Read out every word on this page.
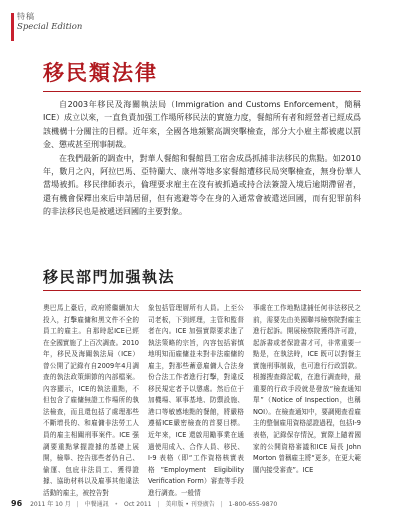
特稿
Special Edition
移民類法律

自2003年移民及海關執法局（Immigration and Customs Enforcement，簡稱ICE）成立以來，一直負責加强工作場所移民法的實施力度，餐館所有者和經營者已經成爲該機構十分關注的目標。近年來，全國各地頻繁高調突擊檢查，部分大小雇主都被處以罰金、懲戒甚至刑事制裁。

在我們最新的調查中，對華人餐館和餐館員工宿舍成爲抓捕非法移民的焦點。如2010年，數月之內，阿拉巴馬、亞特蘭大、康州等地多家餐館遭移民局突擊檢查，無身份華人當場被抓。移民律師表示，倫理要求雇主在沒有被抓過或持合法簽證入境后逾期滯留者，還有機會保釋出來后申請居留，但有逃避等令在身的入通常會被遣送回國，而有犯罪前科的非法移民也是被遞送回國的主要對象。

移民部門加强執法
奧巴馬上臺后，政府將繼續加大投入，打擊雇傭和黑文件不全的員工的雇主。自那時起ICE已經在全國實施了上百次調查。2010年，移民及海關執法局（ICE）曾公開了記錄有自2009年4月調查的執法政策細節的內部檔案。內容顯示，ICE的執法重點，不但包含了雇傭無證工作場所的執法檢查，而且還包括了處理那些不斷增長的、和雇傭非法勞工人員的雇主相關刑事案件。ICE 强調要重點掌握證據的基礎上展開，檢舉、控告那些者仍自己、偷運、包庇非法員工、獲得證據、協助材料以及雇事其他違法活動的雇主，被控告對
象包括管理層所有人員。上至公司老板，下到經理，主管和監督者在內。ICE 加强實際要求進了執法策略的宗旨，內容包括審慎地明知而雇傭並未對非法雇傭的雇主，對那些蓄意雇傭人合法身份合法工作者進行打擊，對違反移民規定者予以懲處。然后位于加機場、軍事基地、防禦設施、港口等敏感地點的餐館，將嚴格遵循ICE嚴密檢查的首要目標。近年來，ICE 還啟用勵事業在通過使用成入、合作人員、移民、I-9 表格（即“工作資格核實表格”Employment Eligibility Verification Form）審查等手段進行調查。一般情
事處在工作地點逮捕任何非法移民之前，需要先由美國聯邦檢察院對雇主進行起訴。開展檢察院獲得許可證，起訴書或者保證書才可，非常重要一點是，在執法時，ICE 既可以對餐主實施刑事制裁，也可進行行政罰款。根據搜查錄記載，在進行調查時，最重要的行政手段就是發放“檢查通知單”（Notice of Inspection，也稱NOI）。在檢查通知中，要調閱查看雇主的整個雇用資格認證過程，包括I-9 表格，記錄保存情況，實際上隨着國家的公開資格審議和ICE 局長 John Morton 曾稱雇主將“更多，在更大範圍內接受審查”。ICE
96 2011 年 10 月 | 中餐通訊 • Oct 2011 | 美印版 • 刊登廣告 | 1-800-655-9870
